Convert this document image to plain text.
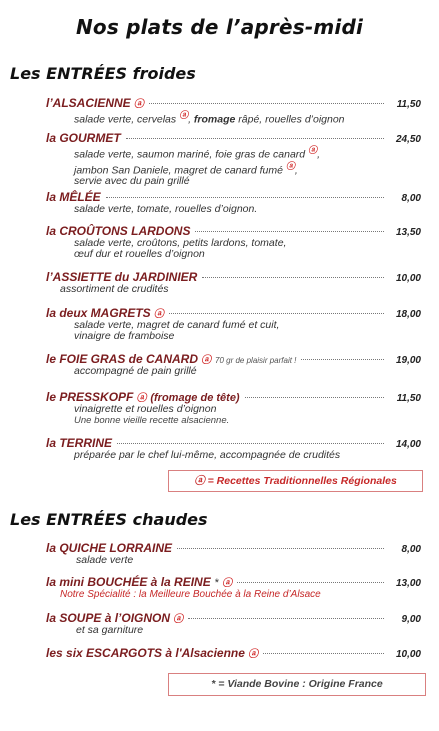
Nos plats de l’après-midi
Les ENTRÉES froides
l’ALSACIENNE ⓐ	11,50
salade verte, cervelas ⓐ, fromage râpé, rouelles d’oignon
la GOURMET	24,50
salade verte, saumon mariné, foie gras de canard ⓐ,
jambon San Daniele, magret de canard fumé ⓐ,
servie avec du pain grillé
la MÊLÉE	8,00
salade verte, tomate, rouelles d’oignon.
la CROÛTONS LARDONS	13,50
salade verte, croûtons, petits lardons, tomate,
œuf dur et rouelles d’oignon
l’ASSIETTE du JARDINIER	10,00
assortiment de crudités
la deux MAGRETS ⓐ	18,00
salade verte, magret de canard fumé et cuit,
vinaigre de framboise
le FOIE GRAS de CANARD ⓐ 70 gr de plaisir parfait !	19,00
accompagné de pain grillé
le PRESSKOPF ⓐ (fromage de tête)	11,50
vinaigrette et rouelles d’oignon
Une bonne vieille recette alsacienne.
la TERRINE	14,00
préparée par le chef lui-même, accompagnée de crudités
ⓐ = Recettes Traditionnelles Régionales
Les ENTRÉES chaudes
la QUICHE LORRAINE	8,00
salade verte
la mini BOUCHÉE à la REINE * ⓐ	13,00
Notre Spécialité : la Meilleure Bouchée à la Reine d’Alsace
la SOUPE à l’OIGNON ⓐ	9,00
et sa garniture
les six ESCARGOTS à l'Alsacienne ⓐ	10,00
* = Viande Bovine : Origine France
